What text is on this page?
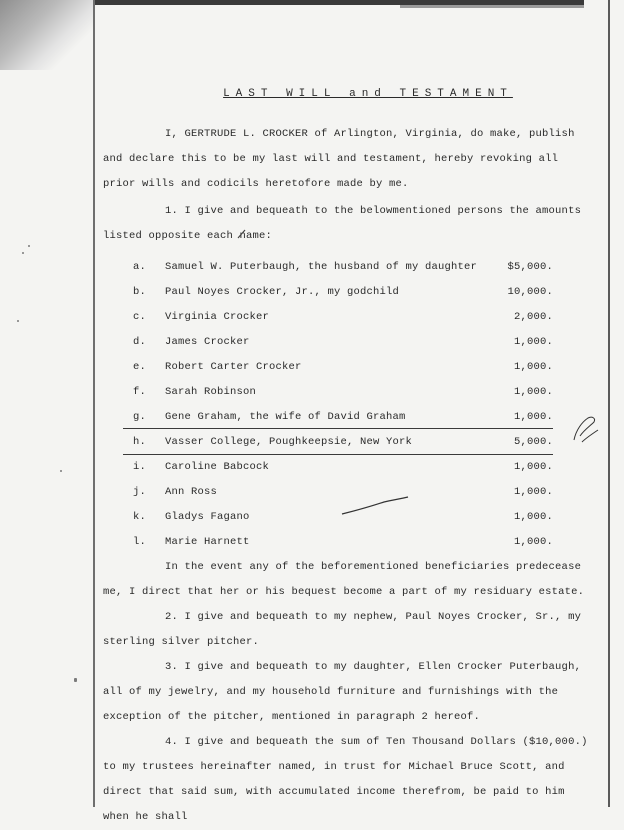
LAST WILL and TESTAMENT

I, GERTRUDE L. CROCKER of Arlington, Virginia, do make, publish and declare this to be my last will and testament, hereby revoking all prior wills and codicils heretofore made by me.

1. I give and bequeath to the belowmentioned persons the amounts listed opposite each name:

a. Samuel W. Puterbaugh, the husband of my daughter	$5,000.
b. Paul Noyes Crocker, Jr., my godchild	10,000.
c. Virginia Crocker	2,000.
d. James Crocker	1,000.
e. Robert Carter Crocker	1,000.
f. Sarah Robinson	1,000.
g. Gene Graham, the wife of David Graham	1,000.
h. Vasser College, Poughkeepsie, New York	5,000.
i. Caroline Babcock	1,000.
j. Ann Ross	1,000.
k. Gladys Fagano	1,000.
l. Marie Harnett	1,000.

In the event any of the beforementioned beneficiaries predecease me, I direct that her or his bequest become a part of my residuary estate.

2. I give and bequeath to my nephew, Paul Noyes Crocker, Sr., my sterling silver pitcher.

3. I give and bequeath to my daughter, Ellen Crocker Puterbaugh, all of my jewelry, and my household furniture and furnishings with the exception of the pitcher, mentioned in paragraph 2 hereof.

4. I give and bequeath the sum of Ten Thousand Dollars ($10,000.) to my trustees hereinafter named, in trust for Michael Bruce Scott, and direct that said sum, with accumulated income therefrom, be paid to him when he shall
